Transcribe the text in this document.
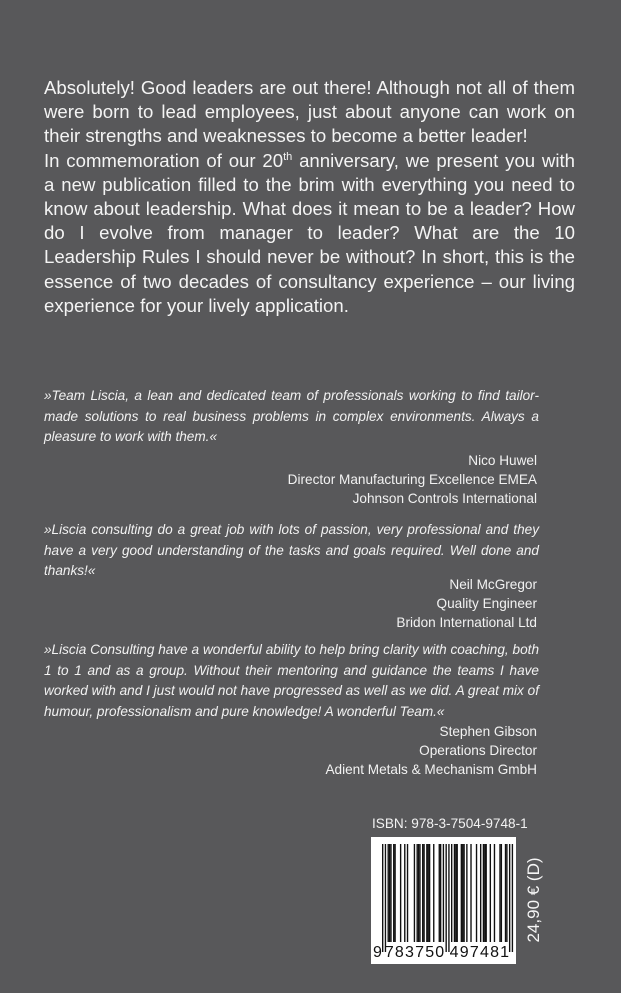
Absolutely! Good leaders are out there! Although not all of them were born to lead employees, just about anyone can work on their strengths and weaknesses to become a better leader!

In commemoration of our 20th anniversary, we present you with a new publication filled to the brim with everything you need to know about leadership. What does it mean to be a leader? How do I evolve from manager to leader? What are the 10 Leadership Rules I should never be without? In short, this is the essence of two decades of consultancy experience – our living experience for your lively application.

»Team Liscia, a lean and dedicated team of professionals working to find tailor-made solutions to real business problems in complex environments. Always a pleasure to work with them.«
Nico Huwel
Director Manufacturing Excellence EMEA
Johnson Controls International
»Liscia consulting do a great job with lots of passion, very professional and they have a very good understanding of the tasks and goals required. Well done and thanks!«
Neil McGregor
Quality Engineer
Bridon International Ltd
»Liscia Consulting have a wonderful ability to help bring clarity with coaching, both 1 to 1 and as a group. Without their mentoring and guidance the teams I have worked with and I just would not have progressed as well as we did. A great mix of humour, professionalism and pure knowledge! A wonderful Team.«
Stephen Gibson
Operations Director
Adient Metals & Mechanism GmbH
ISBN: 978-3-7504-9748-1
9 783750 497481
24,90 € (D)
